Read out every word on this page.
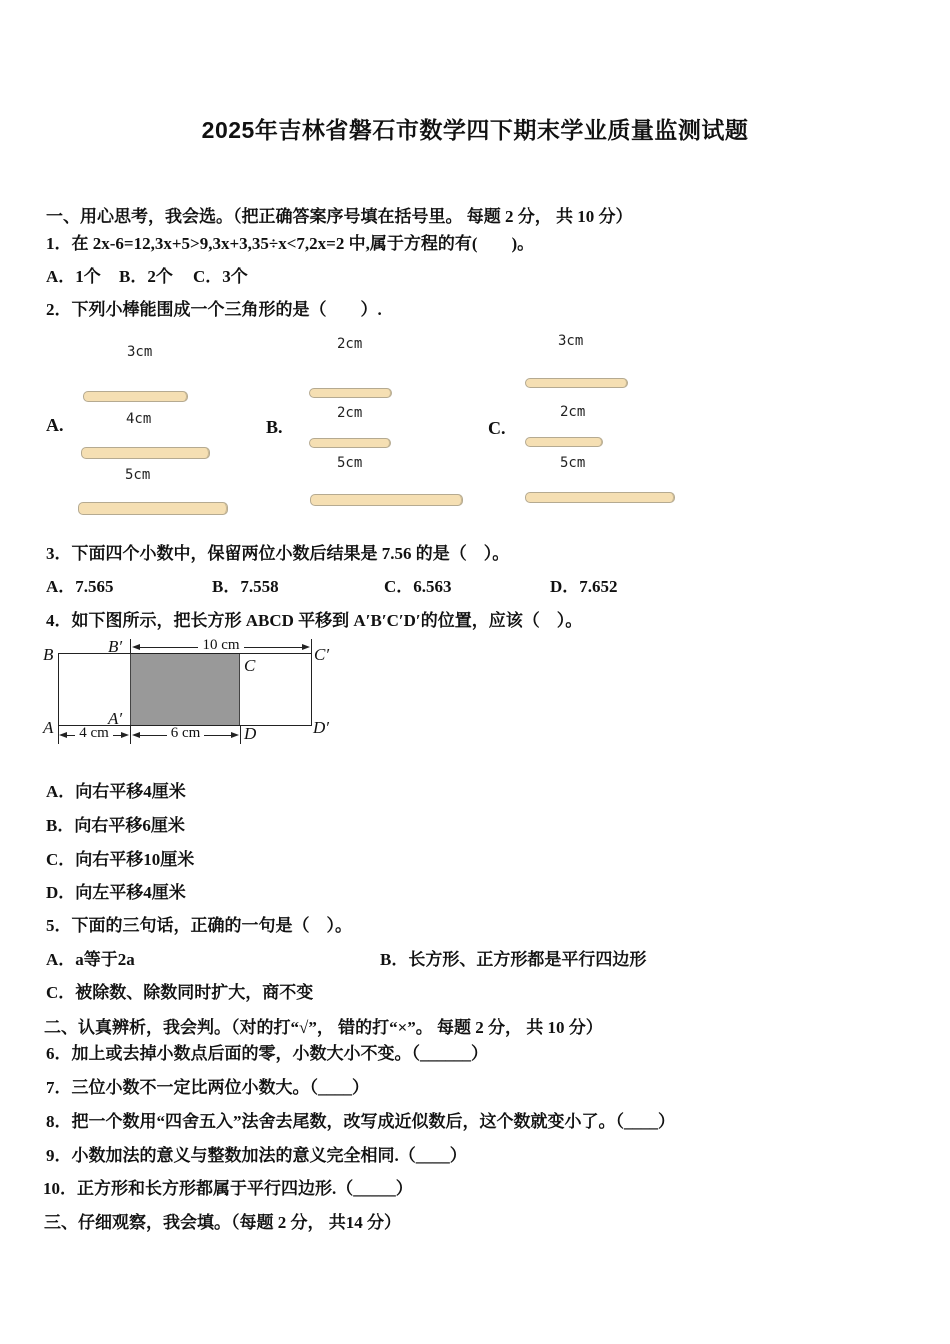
2025年吉林省磐石市数学四下期末学业质量监测试题
一、用心思考，我会选。（把正确答案序号填在括号里。 每题 2 分， 共 10 分）
1．在 2x-6=12,3x+5>9,3x+3,35÷x<7,2x=2 中,属于方程的有(　　)。
A．1个 B．2个 C．3个
2．下列小棒能围成一个三角形的是（　　）.
A.
3cm
4cm
5cm
B.
2cm
2cm
5cm
C.
3cm
2cm
5cm
3．下面四个小数中，保留两位小数后结果是 7.56 的是（　）。
A．7.565	B．7.558	C．6.563	D．7.652
4．如下图所示，把长方形 ABCD 平移到 A′B′C′D′的位置，应该（　）。
10 cm
4 cm	6 cm
B	B′
C
C′
A	A′
D	D′
A．向右平移4厘米
B．向右平移6厘米
C．向右平移10厘米
D．向左平移4厘米
5．下面的三句话，正确的一句是（　）。
A．a等于2a	B．长方形、正方形都是平行四边形
C．被除数、除数同时扩大，商不变
二、认真辨析，我会判。（对的打“√”， 错的打“×”。 每题 2 分， 共 10 分）
6．加上或去掉小数点后面的零，小数大小不变。（______）
7．三位小数不一定比两位小数大。（____）
8．把一个数用“四舍五入”法舍去尾数，改写成近似数后，这个数就变小了。（____）
9．小数加法的意义与整数加法的意义完全相同.（____）
10．正方形和长方形都属于平行四边形.（_____）
三、仔细观察，我会填。（每题 2 分， 共14 分）
